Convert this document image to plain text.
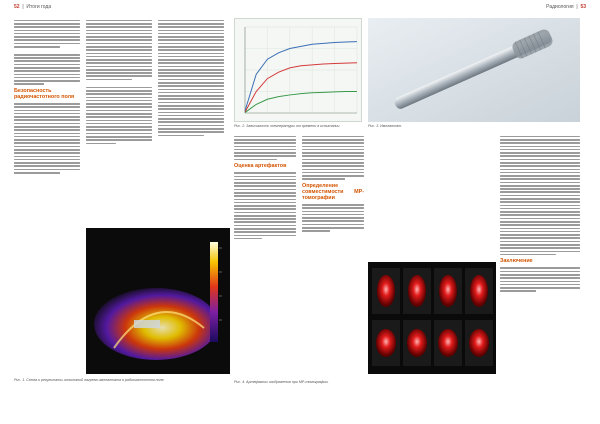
52  |  Итоги года	Радиология  |  53
Безопасность радиочастотного поля
Рис. 1. Схема и результаты испытаний нагрева имплантата в радиочастотном поле.
Рис. 2. Зависимость температуры от времени в испытании.	Рис. 3. Имплантат.
Оценка артефактов
Определение совместимости МР-томографии
Заключение
Рис. 4. Артефакты изображения при МР-томографии.
